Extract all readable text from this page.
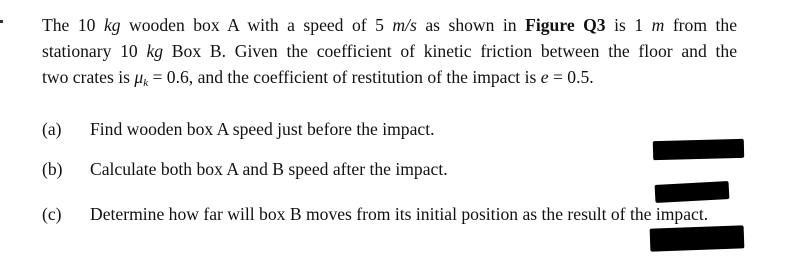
The 10 kg wooden box A with a speed of 5 m/s as shown in Figure Q3 is 1 m from the
stationary 10 kg Box B. Given the coefficient of kinetic friction between the floor and the
two crates is $\mu_k = 0.6$, and the coefficient of restitution of the impact is e = 0.5.
(a) Find wooden box A speed just before the impact.
(b) Calculate both box A and B speed after the impact.
(c) Determine how far will box B moves from its initial position as the result of the impact.
